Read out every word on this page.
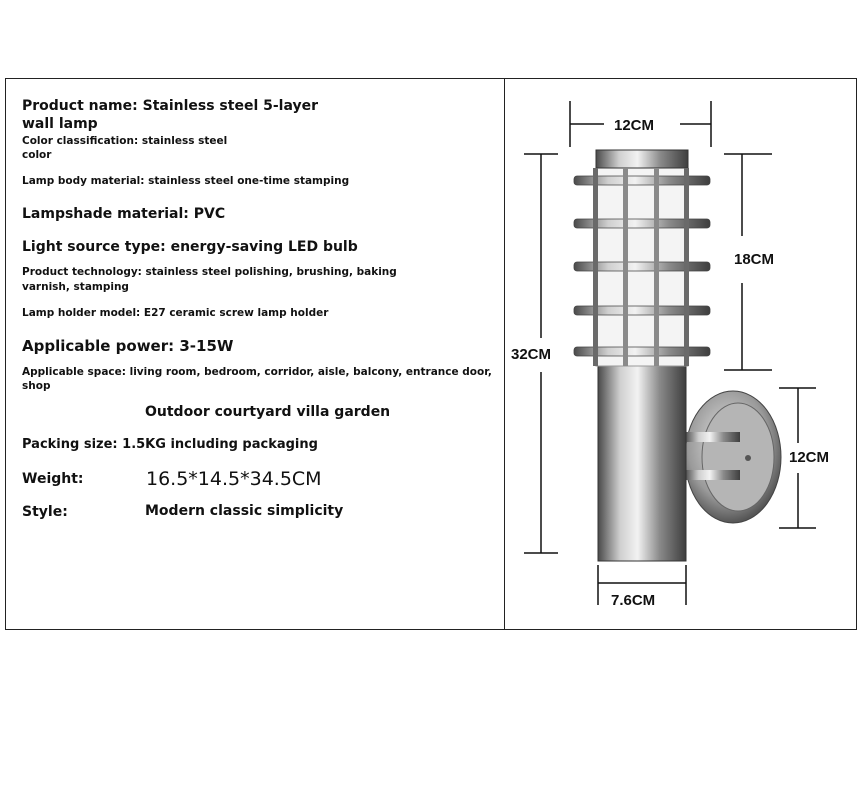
Product name: Stainless steel 5-layer

wall lamp

Color classification: stainless steel

color

Lamp body material: stainless steel one-time stamping

Lampshade material: PVC

Light source type: energy-saving LED bulb

Product technology: stainless steel polishing, brushing, baking

varnish, stamping

Lamp holder model: E27 ceramic screw lamp holder

Applicable power: 3-15W

Applicable space: living room, bedroom, corridor, aisle, balcony, entrance door,

shop

Outdoor courtyard villa garden

Packing size: 1.5KG including packaging

Weight:	16.5*14.5*34.5CM

Style:	Modern classic simplicity

12CM
18CM
32CM
12CM
7.6CM
